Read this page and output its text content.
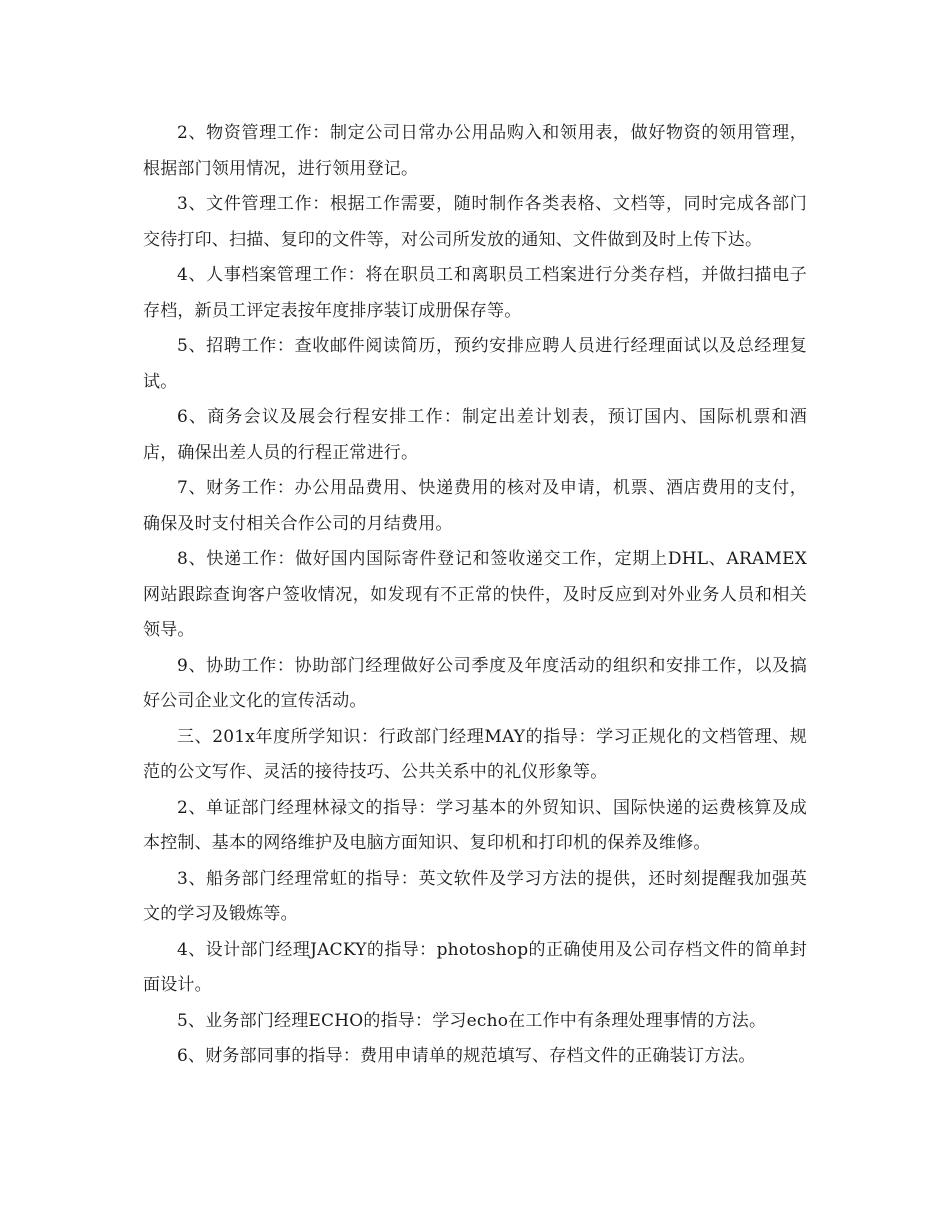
2、物资管理工作：制定公司日常办公用品购入和领用表，做好物资的领用管理，根据部门领用情况，进行领用登记。

3、文件管理工作：根据工作需要，随时制作各类表格、文档等，同时完成各部门交待打印、扫描、复印的文件等，对公司所发放的通知、文件做到及时上传下达。

4、人事档案管理工作：将在职员工和离职员工档案进行分类存档，并做扫描电子存档，新员工评定表按年度排序装订成册保存等。

5、招聘工作：查收邮件阅读简历，预约安排应聘人员进行经理面试以及总经理复试。

6、商务会议及展会行程安排工作：制定出差计划表，预订国内、国际机票和酒店，确保出差人员的行程正常进行。

7、财务工作：办公用品费用、快递费用的核对及申请，机票、酒店费用的支付，确保及时支付相关合作公司的月结费用。

8、快递工作：做好国内国际寄件登记和签收递交工作，定期上DHL、ARAMEX网站跟踪查询客户签收情况，如发现有不正常的快件，及时反应到对外业务人员和相关领导。

9、协助工作：协助部门经理做好公司季度及年度活动的组织和安排工作，以及搞好公司企业文化的宣传活动。

三、201x年度所学知识：行政部门经理MAY的指导：学习正规化的文档管理、规范的公文写作、灵活的接待技巧、公共关系中的礼仪形象等。

2、单证部门经理林禄文的指导：学习基本的外贸知识、国际快递的运费核算及成本控制、基本的网络维护及电脑方面知识、复印机和打印机的保养及维修。

3、船务部门经理常虹的指导：英文软件及学习方法的提供，还时刻提醒我加强英文的学习及锻炼等。

4、设计部门经理JACKY的指导：photoshop的正确使用及公司存档文件的简单封面设计。

5、业务部门经理ECHO的指导：学习echo在工作中有条理处理事情的方法。

6、财务部同事的指导：费用申请单的规范填写、存档文件的正确装订方法。
